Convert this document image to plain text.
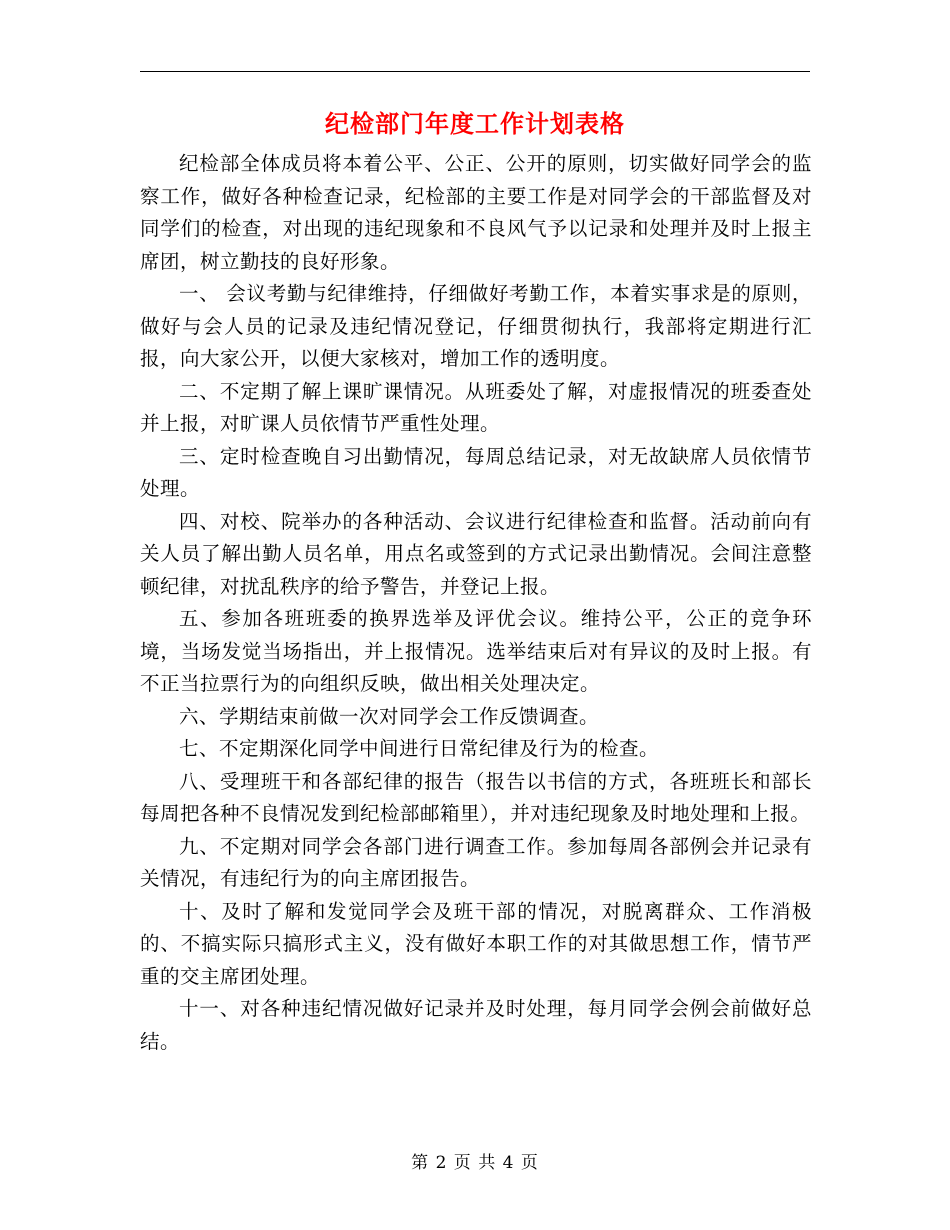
纪检部门年度工作计划表格

纪检部全体成员将本着公平、公正、公开的原则，切实做好同学会的监察工作，做好各种检查记录，纪检部的主要工作是对同学会的干部监督及对同学们的检查，对出现的违纪现象和不良风气予以记录和处理并及时上报主席团，树立勤技的良好形象。

一、 会议考勤与纪律维持，仔细做好考勤工作，本着实事求是的原则，做好与会人员的记录及违纪情况登记，仔细贯彻执行，我部将定期进行汇报，向大家公开，以便大家核对，增加工作的透明度。

二、不定期了解上课旷课情况。从班委处了解，对虚报情况的班委查处并上报，对旷课人员依情节严重性处理。

三、定时检查晚自习出勤情况，每周总结记录，对无故缺席人员依情节处理。

四、对校、院举办的各种活动、会议进行纪律检查和监督。活动前向有关人员了解出勤人员名单，用点名或签到的方式记录出勤情况。会间注意整顿纪律，对扰乱秩序的给予警告，并登记上报。

五、参加各班班委的换界选举及评优会议。维持公平，公正的竞争环境，当场发觉当场指出，并上报情况。选举结束后对有异议的及时上报。有不正当拉票行为的向组织反映，做出相关处理决定。

六、学期结束前做一次对同学会工作反馈调查。

七、不定期深化同学中间进行日常纪律及行为的检查。

八、受理班干和各部纪律的报告（报告以书信的方式，各班班长和部长每周把各种不良情况发到纪检部邮箱里），并对违纪现象及时地处理和上报。

九、不定期对同学会各部门进行调查工作。参加每周各部例会并记录有关情况，有违纪行为的向主席团报告。

十、及时了解和发觉同学会及班干部的情况，对脱离群众、工作消极的、不搞实际只搞形式主义，没有做好本职工作的对其做思想工作，情节严重的交主席团处理。

十一、对各种违纪情况做好记录并及时处理，每月同学会例会前做好总结。

第 2 页 共 4 页
